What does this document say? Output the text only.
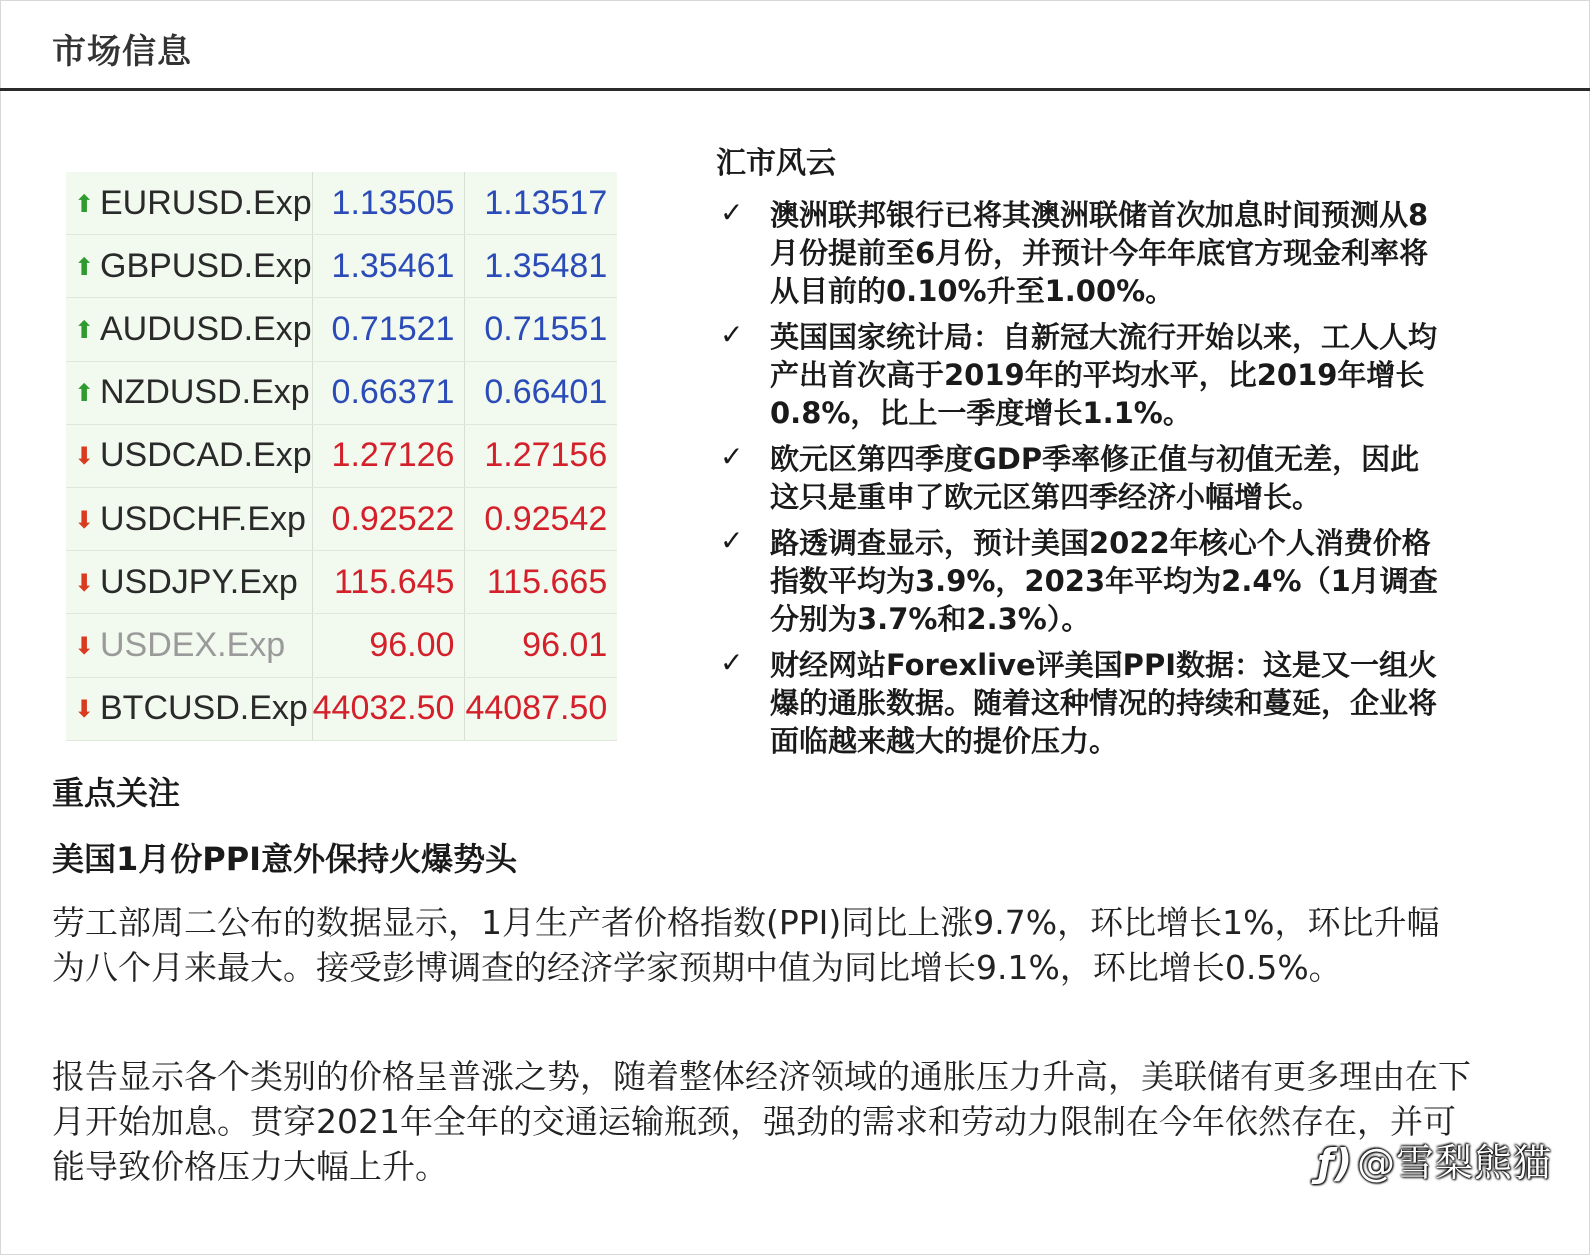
市场信息
⬆ EURUSD.Exp	1.13505	1.13517
⬆ GBPUSD.Exp	1.35461	1.35481
⬆ AUDUSD.Exp	0.71521	0.71551
⬆ NZDUSD.Exp	0.66371	0.66401
⬇ USDCAD.Exp	1.27126	1.27156
⬇ USDCHF.Exp	0.92522	0.92542
⬇ USDJPY.Exp	115.645	115.665
⬇ USDEX.Exp	96.00	96.01
⬇ BTCUSD.Exp	44032.50	44087.50
汇市风云
✓ 澳洲联邦银行已将其澳洲联储首次加息时间预测从8月份提前至6月份，并预计今年年底官方现金利率将从目前的0.10%升至1.00%。
✓ 英国国家统计局：自新冠大流行开始以来，工人人均产出首次高于2019年的平均水平，比2019年增长0.8%，比上一季度增长1.1%。
✓ 欧元区第四季度GDP季率修正值与初值无差，因此这只是重申了欧元区第四季经济小幅增长。
✓ 路透调查显示，预计美国2022年核心个人消费价格指数平均为3.9%，2023年平均为2.4%（1月调查分别为3.7%和2.3%）。
✓ 财经网站Forexlive评美国PPI数据：这是又一组火爆的通胀数据。随着这种情况的持续和蔓延，企业将面临越来越大的提价压力。
重点关注
美国1月份PPI意外保持火爆势头

劳工部周二公布的数据显示，1月生产者价格指数(PPI)同比上涨9.7%，环比增长1%，环比升幅为八个月来最大。接受彭博调查的经济学家预期中值为同比增长9.1%，环比增长0.5%。

报告显示各个类别的价格呈普涨之势，随着整体经济领域的通胀压力升高，美联储有更多理由在下月开始加息。贯穿2021年全年的交通运输瓶颈，强劲的需求和劳动力限制在今年依然存在，并可能导致价格压力大幅上升。	ƒ) @雪梨熊猫
